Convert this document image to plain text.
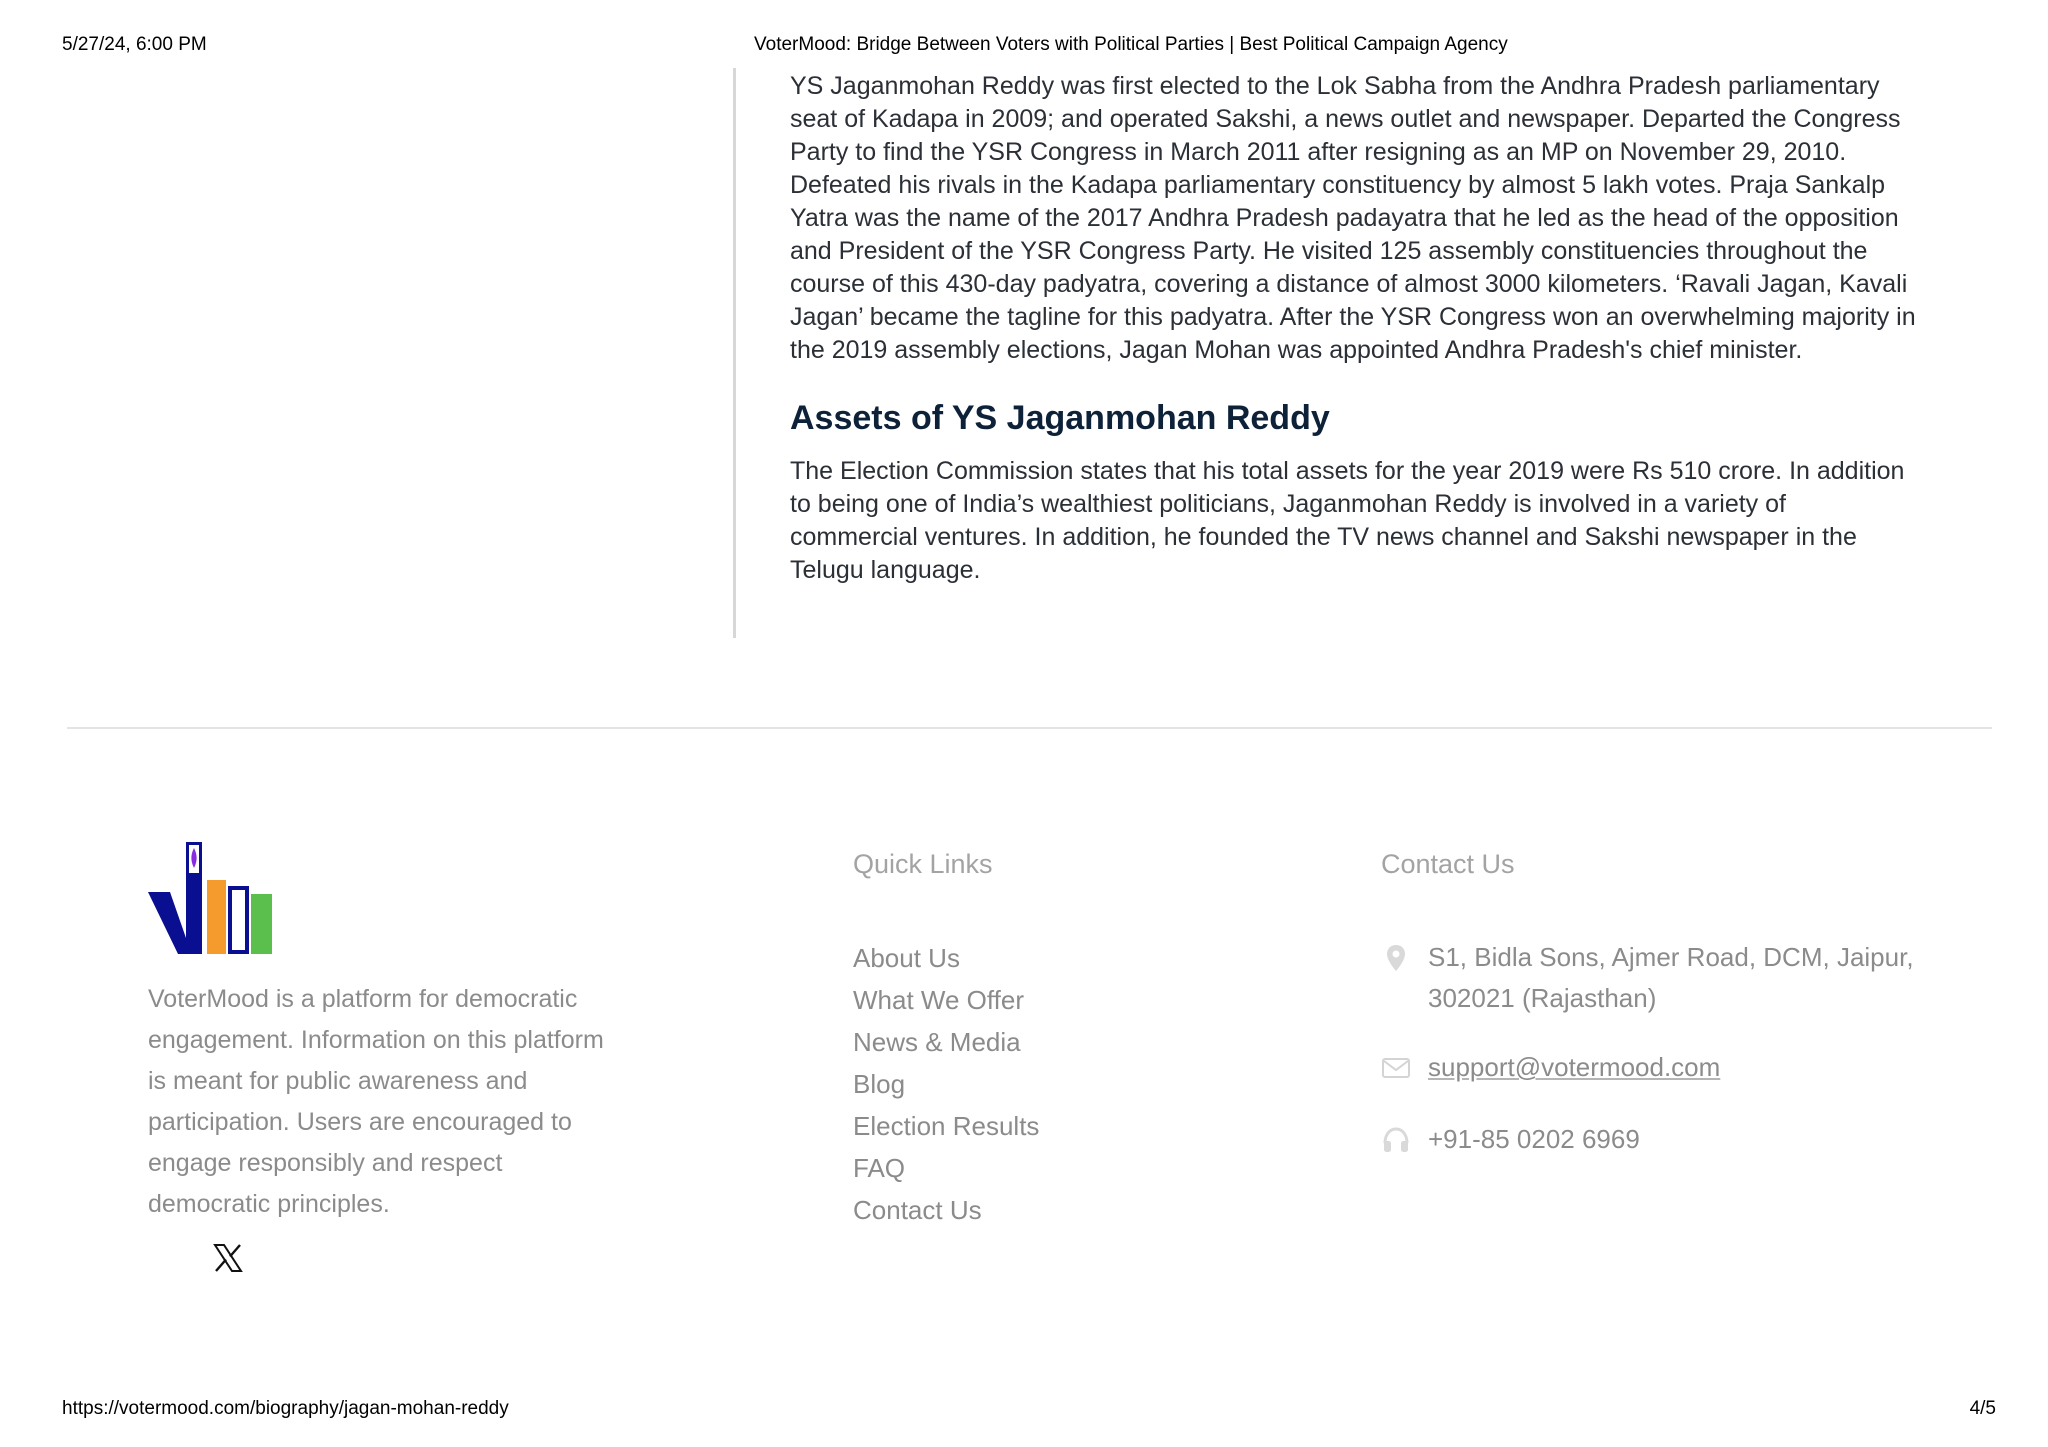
5/27/24, 6:00 PM	VoterMood: Bridge Between Voters with Political Parties | Best Political Campaign Agency

YS Jaganmohan Reddy was first elected to the Lok Sabha from the Andhra Pradesh parliamentary seat of Kadapa in 2009; and operated Sakshi, a news outlet and newspaper. Departed the Congress Party to find the YSR Congress in March 2011 after resigning as an MP on November 29, 2010. Defeated his rivals in the Kadapa parliamentary constituency by almost 5 lakh votes. Praja Sankalp Yatra was the name of the 2017 Andhra Pradesh padayatra that he led as the head of the opposition and President of the YSR Congress Party. He visited 125 assembly constituencies throughout the course of this 430-day padyatra, covering a distance of almost 3000 kilometers. ‘Ravali Jagan, Kavali Jagan’ became the tagline for this padyatra. After the YSR Congress won an overwhelming majority in the 2019 assembly elections, Jagan Mohan was appointed Andhra Pradesh's chief minister.

Assets of YS Jaganmohan Reddy

The Election Commission states that his total assets for the year 2019 were Rs 510 crore. In addition to being one of India’s wealthiest politicians, Jaganmohan Reddy is involved in a variety of commercial ventures. In addition, he founded the TV news channel and Sakshi newspaper in the Telugu language.

VoterMood is a platform for democratic engagement. Information on this platform is meant for public awareness and participation. Users are encouraged to engage responsibly and respect democratic principles.
Quick Links
About Us
What We Offer
News & Media
Blog
Election Results
FAQ
Contact Us
Contact Us
S1, Bidla Sons, Ajmer Road, DCM, Jaipur, 302021 (Rajasthan)
support@votermood.com
+91-85 0202 6969
https://votermood.com/biography/jagan-mohan-reddy	4/5
